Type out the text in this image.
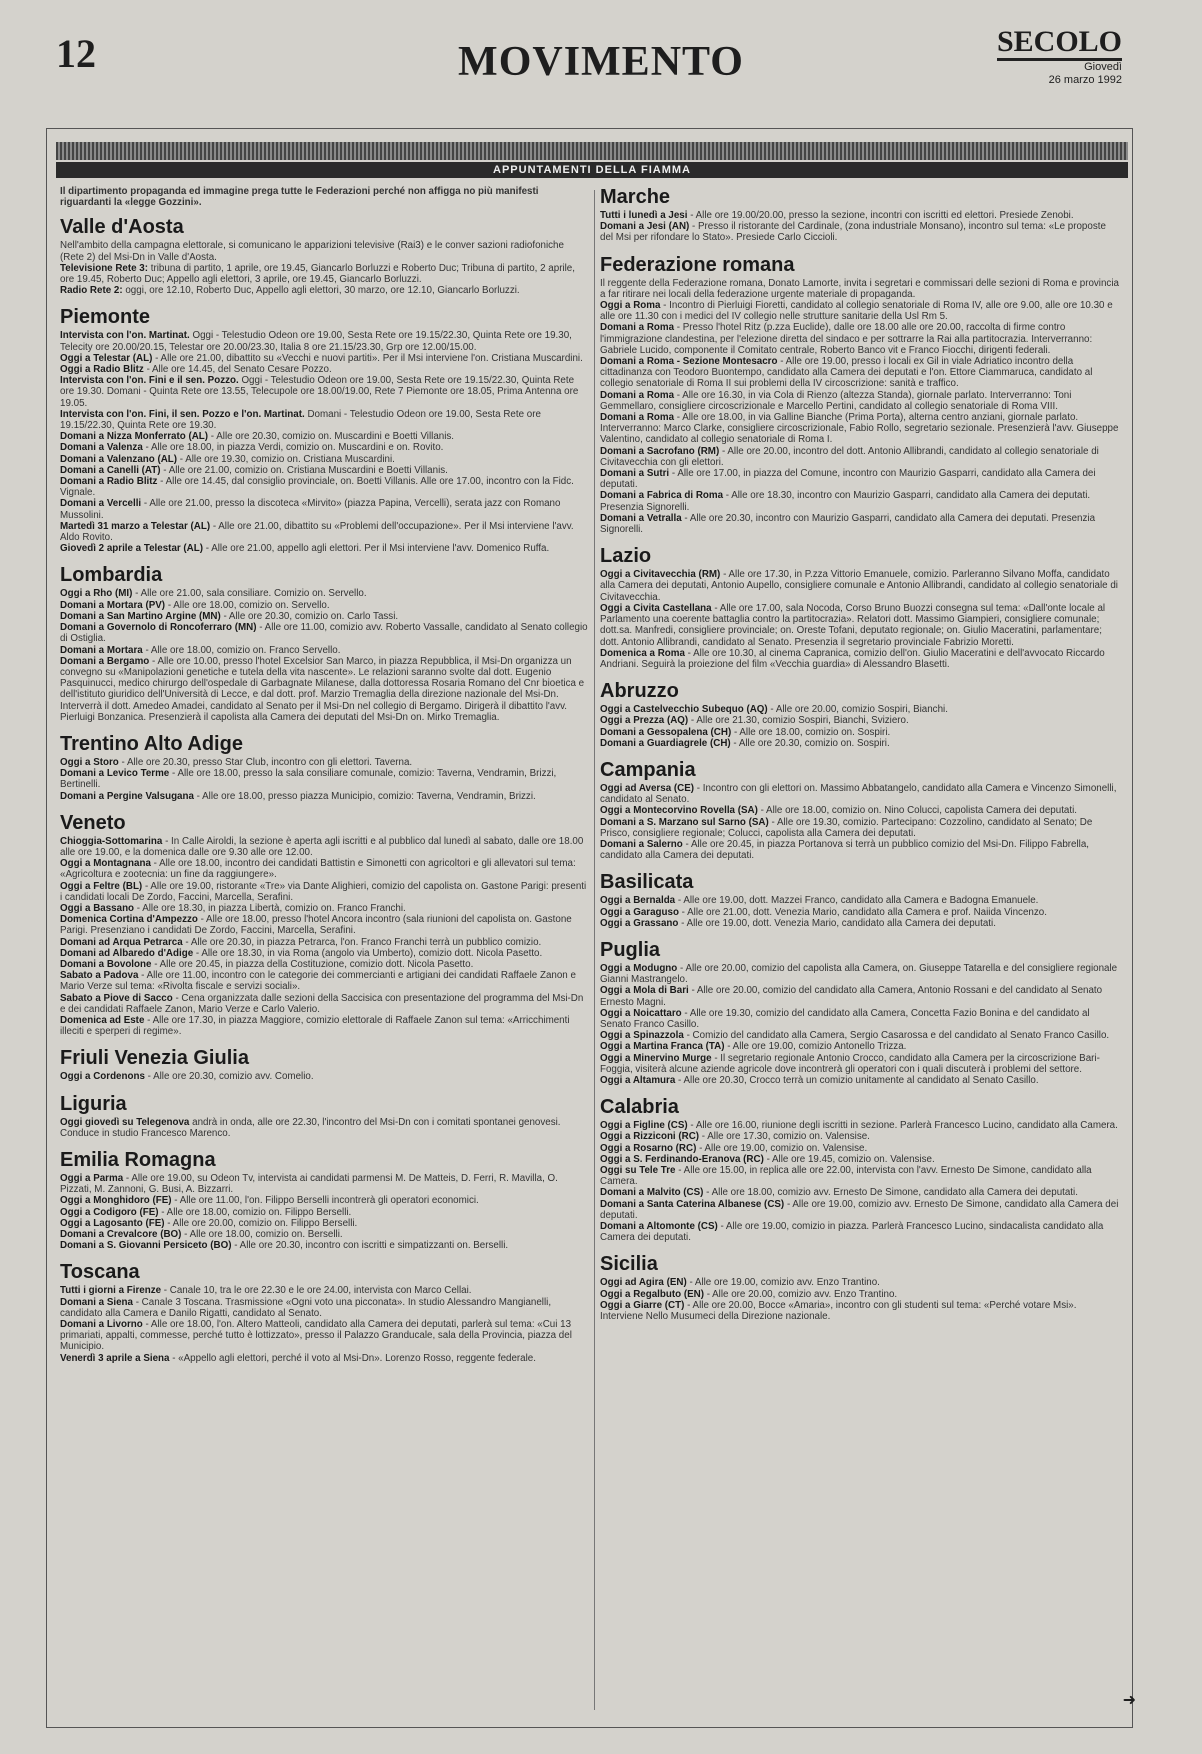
12	MOVIMENTO	SECOLO
Giovedì
26 marzo 1992
APPUNTAMENTI DELLA FIAMMA

Il dipartimento propaganda ed immagine prega tutte le Federazioni perché non affigga no più manifesti riguardanti la «legge Gozzini».

Valle d'Aosta

Nell'ambito della campagna elettorale, si comunicano le apparizioni televisive (Rai3) e le conver sazioni radiofoniche (Rete 2) del Msi-Dn in Valle d'Aosta.

Televisione Rete 3: tribuna di partito, 1 aprile, ore 19.45, Giancarlo Borluzzi e Roberto Duc; Tribuna di partito, 2 aprile, ore 19.45, Roberto Duc; Appello agli elettori, 3 aprile, ore 19.45, Giancarlo Borluzzi.

Radio Rete 2: oggi, ore 12.10, Roberto Duc, Appello agli elettori, 30 marzo, ore 12.10, Giancarlo Borluzzi.

Piemonte

Intervista con l'on. Martinat. Oggi - Telestudio Odeon ore 19.00, Sesta Rete ore 19.15/22.30, Quinta Rete ore 19.30, Telecity ore 20.00/20.15, Telestar ore 20.00/23.30, Italia 8 ore 21.15/23.30, Grp ore 12.00/15.00.

Oggi a Telestar (AL) - Alle ore 21.00, dibattito su «Vecchi e nuovi partiti». Per il Msi interviene l'on. Cristiana Muscardini.

Oggi a Radio Blitz - Alle ore 14.45, del Senato Cesare Pozzo.

Intervista con l'on. Fini e il sen. Pozzo. Oggi - Telestudio Odeon ore 19.00, Sesta Rete ore 19.15/22.30, Quinta Rete ore 19.30. Domani - Quinta Rete ore 13.55, Telecupole ore 18.00/19.00, Rete 7 Piemonte ore 18.05, Prima Antenna ore 19.05.

Intervista con l'on. Fini, il sen. Pozzo e l'on. Martinat. Domani - Telestudio Odeon ore 19.00, Sesta Rete ore 19.15/22.30, Quinta Rete ore 19.30.

Domani a Nizza Monferrato (AL) - Alle ore 20.30, comizio on. Muscardini e Boetti Villanis.

Domani a Valenza - Alle ore 18.00, in piazza Verdi, comizio on. Muscardini e on. Rovito.

Domani a Valenzano (AL) - Alle ore 19.30, comizio on. Cristiana Muscardini.

Domani a Canelli (AT) - Alle ore 21.00, comizio on. Cristiana Muscardini e Boetti Villanis.

Domani a Radio Blitz - Alle ore 14.45, dal consiglio provinciale, on. Boetti Villanis. Alle ore 17.00, incontro con la Fidc. Vignale.

Domani a Vercelli - Alle ore 21.00, presso la discoteca «Mirvito» (piazza Papina, Vercelli), serata jazz con Romano Mussolini.

Martedì 31 marzo a Telestar (AL) - Alle ore 21.00, dibattito su «Problemi dell'occupazione». Per il Msi interviene l'avv. Aldo Rovito.

Giovedì 2 aprile a Telestar (AL) - Alle ore 21.00, appello agli elettori. Per il Msi interviene l'avv. Domenico Ruffa.

Lombardia

Oggi a Rho (MI) - Alle ore 21.00, sala consiliare. Comizio on. Servello.

Domani a Mortara (PV) - Alle ore 18.00, comizio on. Servello.

Domani a San Martino Argine (MN) - Alle ore 20.30, comizio on. Carlo Tassi.

Domani a Governolo di Roncoferraro (MN) - Alle ore 11.00, comizio avv. Roberto Vassalle, candidato al Senato collegio di Ostiglia.

Domani a Mortara - Alle ore 18.00, comizio on. Franco Servello.

Domani a Bergamo - Alle ore 10.00, presso l'hotel Excelsior San Marco, in piazza Repubblica, il Msi-Dn organizza un convegno su «Manipolazioni genetiche e tutela della vita nascente». Le relazioni saranno svolte dal dott. Eugenio Pasquinucci, medico chirurgo dell'ospedale di Garbagnate Milanese, dalla dottoressa Rosaria Romano del Cnr bioetica e dell'istituto giuridico dell'Università di Lecce, e dal dott. prof. Marzio Tremaglia della direzione nazionale del Msi-Dn. Interverrà il dott. Amedeo Amadei, candidato al Senato per il Msi-Dn nel collegio di Bergamo. Dirigerà il dibattito l'avv. Pierluigi Bonzanica. Presenzierà il capolista alla Camera dei deputati del Msi-Dn on. Mirko Tremaglia.

Trentino Alto Adige

Oggi a Storo - Alle ore 20.30, presso Star Club, incontro con gli elettori. Taverna.

Domani a Levico Terme - Alle ore 18.00, presso la sala consiliare comunale, comizio: Taverna, Vendramin, Brizzi, Bertinelli.

Domani a Pergine Valsugana - Alle ore 18.00, presso piazza Municipio, comizio: Taverna, Vendramin, Brizzi.

Veneto

Chioggia-Sottomarina - In Calle Airoldi, la sezione è aperta agli iscritti e al pubblico dal lunedì al sabato, dalle ore 18.00 alle ore 19.00, e la domenica dalle ore 9.30 alle ore 12.00.

Oggi a Montagnana - Alle ore 18.00, incontro dei candidati Battistin e Simonetti con agricoltori e gli allevatori sul tema: «Agricoltura e zootecnia: un fine da raggiungere».

Oggi a Feltre (BL) - Alle ore 19.00, ristorante «Tre» via Dante Alighieri, comizio del capolista on. Gastone Parigi: presenti i candidati locali De Zordo, Faccini, Marcella, Serafini.

Oggi a Bassano - Alle ore 18.30, in piazza Libertà, comizio on. Franco Franchi.

Domenica Cortina d'Ampezzo - Alle ore 18.00, presso l'hotel Ancora incontro (sala riunioni del capolista on. Gastone Parigi. Presenziano i candidati De Zordo, Faccini, Marcella, Serafini.

Domani ad Arqua Petrarca - Alle ore 20.30, in piazza Petrarca, l'on. Franco Franchi terrà un pubblico comizio.

Domani ad Albaredo d'Adige - Alle ore 18.30, in via Roma (angolo via Umberto), comizio dott. Nicola Pasetto.

Domani a Bovolone - Alle ore 20.45, in piazza della Costituzione, comizio dott. Nicola Pasetto.

Sabato a Padova - Alle ore 11.00, incontro con le categorie dei commercianti e artigiani dei candidati Raffaele Zanon e Mario Verze sul tema: «Rivolta fiscale e servizi sociali».

Sabato a Piove di Sacco - Cena organizzata dalle sezioni della Saccisica con presentazione del programma del Msi-Dn e dei candidati Raffaele Zanon, Mario Verze e Carlo Valerio.

Domenica ad Este - Alle ore 17.30, in piazza Maggiore, comizio elettorale di Raffaele Zanon sul tema: «Arricchimenti illeciti e sperperi di regime».

Friuli Venezia Giulia

Oggi a Cordenons - Alle ore 20.30, comizio avv. Comelio.

Liguria

Oggi giovedì su Telegenova andrà in onda, alle ore 22.30, l'incontro del Msi-Dn con i comitati spontanei genovesi. Conduce in studio Francesco Marenco.

Emilia Romagna

Oggi a Parma - Alle ore 19.00, su Odeon Tv, intervista ai candidati parmensi M. De Matteis, D. Ferri, R. Mavilla, O. Pizzati, M. Zannoni, G. Busi, A. Bizzarri.

Oggi a Monghidoro (FE) - Alle ore 11.00, l'on. Filippo Berselli incontrerà gli operatori economici.

Oggi a Codigoro (FE) - Alle ore 18.00, comizio on. Filippo Berselli.

Oggi a Lagosanto (FE) - Alle ore 20.00, comizio on. Filippo Berselli.

Domani a Crevalcore (BO) - Alle ore 18.00, comizio on. Berselli.

Domani a S. Giovanni Persiceto (BO) - Alle ore 20.30, incontro con iscritti e simpatizzanti on. Berselli.

Toscana

Tutti i giorni a Firenze - Canale 10, tra le ore 22.30 e le ore 24.00, intervista con Marco Cellai.

Domani a Siena - Canale 3 Toscana. Trasmissione «Ogni voto una picconata». In studio Alessandro Mangianelli, candidato alla Camera e Danilo Rigatti, candidato al Senato.

Domani a Livorno - Alle ore 18.00, l'on. Altero Matteoli, candidato alla Camera dei deputati, parlerà sul tema: «Cui 13 primariati, appalti, commesse, perché tutto è lottizzato», presso il Palazzo Granducale, sala della Provincia, piazza del Municipio.

Venerdì 3 aprile a Siena - «Appello agli elettori, perché il voto al Msi-Dn». Lorenzo Rosso, reggente federale.

Marche

Tutti i lunedì a Jesi - Alle ore 19.00/20.00, presso la sezione, incontri con iscritti ed elettori. Presiede Zenobi.

Domani a Jesi (AN) - Presso il ristorante del Cardinale, (zona industriale Monsano), incontro sul tema: «Le proposte del Msi per rifondare lo Stato». Presiede Carlo Ciccioli.

Federazione romana

Il reggente della Federazione romana, Donato Lamorte, invita i segretari e commissari delle sezioni di Roma e provincia a far ritirare nei locali della federazione urgente materiale di propaganda.

Oggi a Roma - Incontro di Pierluigi Fioretti, candidato al collegio senatoriale di Roma IV, alle ore 9.00, alle ore 10.30 e alle ore 11.30 con i medici del IV collegio nelle strutture sanitarie della Usl Rm 5.

Domani a Roma - Presso l'hotel Ritz (p.zza Euclide), dalle ore 18.00 alle ore 20.00, raccolta di firme contro l'immigrazione clandestina, per l'elezione diretta del sindaco e per sottrarre la Rai alla partitocrazia. Interverranno: Gabriele Lucido, componente il Comitato centrale, Roberto Banco vit e Franco Fiocchi, dirigenti federali.

Domani a Roma - Sezione Montesacro - Alle ore 19.00, presso i locali ex Gil in viale Adriatico incontro della cittadinanza con Teodoro Buontempo, candidato alla Camera dei deputati e l'on. Ettore Ciammaruca, candidato al collegio senatoriale di Roma II sui problemi della IV circoscrizione: sanità e traffico.

Domani a Roma - Alle ore 16.30, in via Cola di Rienzo (altezza Standa), giornale parlato. Interverranno: Toni Gemmellaro, consigliere circoscrizionale e Marcello Pertini, candidato al collegio senatoriale di Roma VIII.

Domani a Roma - Alle ore 18.00, in via Galline Bianche (Prima Porta), alterna centro anziani, giornale parlato. Interverranno: Marco Clarke, consigliere circoscrizionale, Fabio Rollo, segretario sezionale. Presenzierà l'avv. Giuseppe Valentino, candidato al collegio senatoriale di Roma I.

Domani a Sacrofano (RM) - Alle ore 20.00, incontro del dott. Antonio Allibrandi, candidato al collegio senatoriale di Civitavecchia con gli elettori.

Domani a Sutri - Alle ore 17.00, in piazza del Comune, incontro con Maurizio Gasparri, candidato alla Camera dei deputati.

Domani a Fabrica di Roma - Alle ore 18.30, incontro con Maurizio Gasparri, candidato alla Camera dei deputati. Presenzia Signorelli.

Domani a Vetralla - Alle ore 20.30, incontro con Maurizio Gasparri, candidato alla Camera dei deputati. Presenzia Signorelli.

Lazio

Oggi a Civitavecchia (RM) - Alle ore 17.30, in P.zza Vittorio Emanuele, comizio. Parleranno Silvano Moffa, candidato alla Camera dei deputati, Antonio Aupello, consigliere comunale e Antonio Allibrandi, candidato al collegio senatoriale di Civitavecchia.

Oggi a Civita Castellana - Alle ore 17.00, sala Nocoda, Corso Bruno Buozzi consegna sul tema: «Dall'onte locale al Parlamento una coerente battaglia contro la partitocrazia». Relatori dott. Massimo Giampieri, consigliere comunale; dott.sa. Manfredi, consigliere provinciale; on. Oreste Tofani, deputato regionale; on. Giulio Maceratini, parlamentare; dott. Antonio Allibrandi, candidato al Senato. Presenzia il segretario provinciale Fabrizio Moretti.

Domenica a Roma - Alle ore 10.30, al cinema Capranica, comizio dell'on. Giulio Maceratini e dell'avvocato Riccardo Andriani. Seguirà la proiezione del film «Vecchia guardia» di Alessandro Blasetti.

Abruzzo

Oggi a Castelvecchio Subequo (AQ) - Alle ore 20.00, comizio Sospiri, Bianchi.

Oggi a Prezza (AQ) - Alle ore 21.30, comizio Sospiri, Bianchi, Sviziero.

Domani a Gessopalena (CH) - Alle ore 18.00, comizio on. Sospiri.

Domani a Guardiagrele (CH) - Alle ore 20.30, comizio on. Sospiri.

Campania

Oggi ad Aversa (CE) - Incontro con gli elettori on. Massimo Abbatangelo, candidato alla Camera e Vincenzo Simonelli, candidato al Senato.

Oggi a Montecorvino Rovella (SA) - Alle ore 18.00, comizio on. Nino Colucci, capolista Camera dei deputati.

Domani a S. Marzano sul Sarno (SA) - Alle ore 19.30, comizio. Partecipano: Cozzolino, candidato al Senato; De Prisco, consigliere regionale; Colucci, capolista alla Camera dei deputati.

Domani a Salerno - Alle ore 20.45, in piazza Portanova si terrà un pubblico comizio del Msi-Dn. Filippo Fabrella, candidato alla Camera dei deputati.

Basilicata

Oggi a Bernalda - Alle ore 19.00, dott. Mazzei Franco, candidato alla Camera e Badogna Emanuele.

Oggi a Garaguso - Alle ore 21.00, dott. Venezia Mario, candidato alla Camera e prof. Naiida Vincenzo.

Oggi a Grassano - Alle ore 19.00, dott. Venezia Mario, candidato alla Camera dei deputati.

Puglia

Oggi a Modugno - Alle ore 20.00, comizio del capolista alla Camera, on. Giuseppe Tatarella e del consigliere regionale Gianni Mastrangelo.

Oggi a Mola di Bari - Alle ore 20.00, comizio del candidato alla Camera, Antonio Rossani e del candidato al Senato Ernesto Magni.

Oggi a Noicattaro - Alle ore 19.30, comizio del candidato alla Camera, Concetta Fazio Bonina e del candidato al Senato Franco Casillo.

Oggi a Spinazzola - Comizio del candidato alla Camera, Sergio Casarossa e del candidato al Senato Franco Casillo.

Oggi a Martina Franca (TA) - Alle ore 19.00, comizio Antonello Trizza.

Oggi a Minervino Murge - Il segretario regionale Antonio Crocco, candidato alla Camera per la circoscrizione Bari-Foggia, visiterà alcune aziende agricole dove incontrerà gli operatori con i quali discuterà i problemi del settore.

Oggi a Altamura - Alle ore 20.30, Crocco terrà un comizio unitamente al candidato al Senato Casillo.

Calabria

Oggi a Figline (CS) - Alle ore 16.00, riunione degli iscritti in sezione. Parlerà Francesco Lucino, candidato alla Camera.

Oggi a Rizziconi (RC) - Alle ore 17.30, comizio on. Valensise.

Oggi a Rosarno (RC) - Alle ore 19.00, comizio on. Valensise.

Oggi a S. Ferdinando-Eranova (RC) - Alle ore 19.45, comizio on. Valensise.

Oggi su Tele Tre - Alle ore 15.00, in replica alle ore 22.00, intervista con l'avv. Ernesto De Simone, candidato alla Camera.

Domani a Malvito (CS) - Alle ore 18.00, comizio avv. Ernesto De Simone, candidato alla Camera dei deputati.

Domani a Santa Caterina Albanese (CS) - Alle ore 19.00, comizio avv. Ernesto De Simone, candidato alla Camera dei deputati.

Domani a Altomonte (CS) - Alle ore 19.00, comizio in piazza. Parlerà Francesco Lucino, sindacalista candidato alla Camera dei deputati.

Sicilia

Oggi ad Agira (EN) - Alle ore 19.00, comizio avv. Enzo Trantino.

Oggi a Regalbuto (EN) - Alle ore 20.00, comizio avv. Enzo Trantino.

Oggi a Giarre (CT) - Alle ore 20.00, Bocce «Amaria», incontro con gli studenti sul tema: «Perché votare Msi». Interviene Nello Musumeci della Direzione nazionale.

➜
